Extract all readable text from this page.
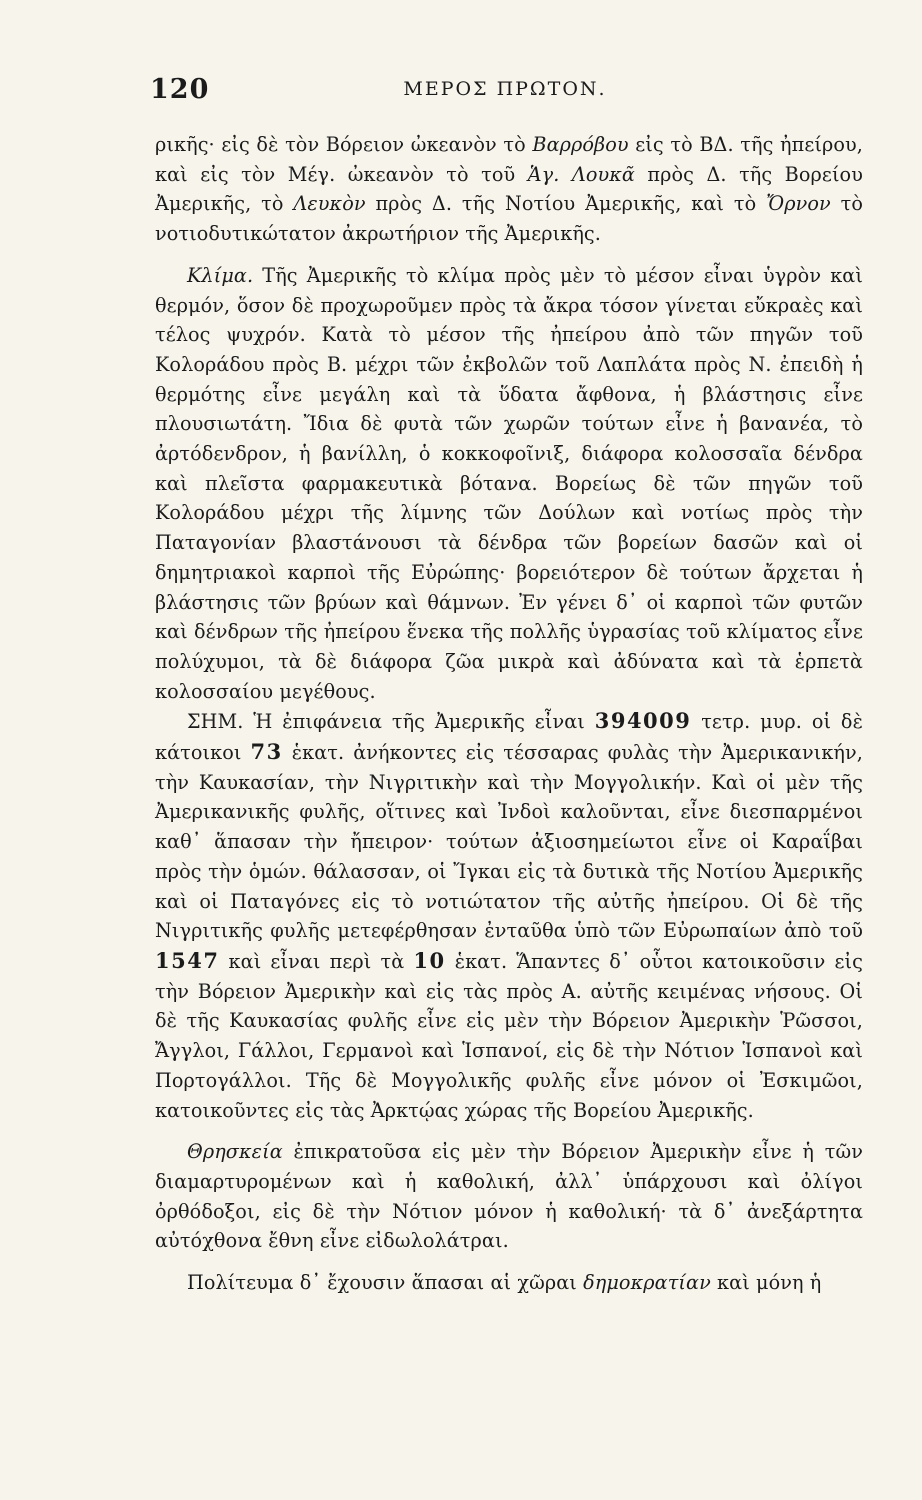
120	ΜΕΡΟΣ ΠΡΩΤΟΝ.

ρικῆς· εἰς δὲ τὸν Βόρειον ὠκεανὸν τὸ Βαρρόβου εἰς τὸ ΒΔ. τῆς ἠπείρου, καὶ εἰς τὸν Μέγ. ὠκεανὸν τὸ τοῦ Ἁγ. Λουκᾶ πρὸς Δ. τῆς Βορείου Ἀμερικῆς, τὸ Λευκὸν πρὸς Δ. τῆς Νοτίου Ἀμερικῆς, καὶ τὸ Ὄρνον τὸ νοτιοδυτικώτατον ἀκρωτήριον τῆς Ἀμερικῆς.

Κλίμα. Τῆς Ἀμερικῆς τὸ κλίμα πρὸς μὲν τὸ μέσον εἶναι ὑγρὸν καὶ θερμόν, ὅσον δὲ προχωροῦμεν πρὸς τὰ ἄκρα τόσον γίνεται εὔκραὲς καὶ τέλος ψυχρόν. Κατὰ τὸ μέσον τῆς ἠπείρου ἀπὸ τῶν πηγῶν τοῦ Κολοράδου πρὸς Β. μέχρι τῶν ἐκβολῶν τοῦ Λαπλάτα πρὸς Ν. ἐπειδὴ ἡ θερμότης εἶνε μεγάλη καὶ τὰ ὕδατα ἄφθονα, ἡ βλάστησις εἶνε πλουσιωτάτη. Ἴδια δὲ φυτὰ τῶν χωρῶν τούτων εἶνε ἡ βανανέα, τὸ ἀρτόδενδρον, ἡ βανίλλη, ὁ κοκκοφοῖνιξ, διάφορα κολοσσαῖα δένδρα καὶ πλεῖστα φαρμακευτικὰ βότανα. Βορείως δὲ τῶν πηγῶν τοῦ Κολοράδου μέχρι τῆς λίμνης τῶν Δούλων καὶ νοτίως πρὸς τὴν Παταγονίαν βλαστάνουσι τὰ δένδρα τῶν βορείων δασῶν καὶ οἱ δημητριακοὶ καρποὶ τῆς Εὐρώπης· βορειότερον δὲ τούτων ἄρχεται ἡ βλάστησις τῶν βρύων καὶ θάμνων. Ἐν γένει δ᾽ οἱ καρποὶ τῶν φυτῶν καὶ δένδρων τῆς ἠπείρου ἕνεκα τῆς πολλῆς ὑγρασίας τοῦ κλίματος εἶνε πολύχυμοι, τὰ δὲ διάφορα ζῶα μικρὰ καὶ ἀδύνατα καὶ τὰ ἑρπετὰ κολοσσαίου μεγέθους.

ΣΗΜ. Ἡ ἐπιφάνεια τῆς Ἀμερικῆς εἶναι 394009 τετρ. μυρ. οἱ δὲ κάτοικοι 73 ἑκατ. ἀνήκοντες εἰς τέσσαρας φυλὰς τὴν Ἀμερικανικήν, τὴν Καυκασίαν, τὴν Νιγριτικὴν καὶ τὴν Μογγολικήν. Καὶ οἱ μὲν τῆς Ἀμερικανικῆς φυλῆς, οἵτινες καὶ Ἰνδοὶ καλοῦνται, εἶνε διεσπαρμένοι καθ᾽ ἅπασαν τὴν ἤπειρον· τούτων ἀξιοσημείωτοι εἶνε οἱ Καραΐβαι πρὸς τὴν ὁμών. θάλασσαν, οἱ Ἴγκαι εἰς τὰ δυτικὰ τῆς Νοτίου Ἀμερικῆς καὶ οἱ Παταγόνες εἰς τὸ νοτιώτατον τῆς αὐτῆς ἠπείρου. Οἱ δὲ τῆς Νιγριτικῆς φυλῆς μετεφέρθησαν ἐνταῦθα ὑπὸ τῶν Εὐρωπαίων ἀπὸ τοῦ 1547 καὶ εἶναι περὶ τὰ 10 ἑκατ. Ἅπαντες δ᾽ οὗτοι κατοικοῦσιν εἰς τὴν Βόρειον Ἀμερικὴν καὶ εἰς τὰς πρὸς Α. αὐτῆς κειμένας νήσους. Οἱ δὲ τῆς Καυκασίας φυλῆς εἶνε εἰς μὲν τὴν Βόρειον Ἀμερικὴν Ῥῶσσοι, Ἄγγλοι, Γάλλοι, Γερμανοὶ καὶ Ἱσπανοί, εἰς δὲ τὴν Νότιον Ἱσπανοὶ καὶ Πορτογάλλοι. Τῆς δὲ Μογγολικῆς φυλῆς εἶνε μόνον οἱ Ἐσκιμῶοι, κατοικοῦντες εἰς τὰς Ἀρκτῴας χώρας τῆς Βορείου Ἀμερικῆς.

Θρησκεία ἐπικρατοῦσα εἰς μὲν τὴν Βόρειον Ἀμερικὴν εἶνε ἡ τῶν διαμαρτυρομένων καὶ ἡ καθολική, ἀλλ᾽ ὑπάρχουσι καὶ ὀλίγοι ὀρθόδοξοι, εἰς δὲ τὴν Νότιον μόνον ἡ καθολική· τὰ δ᾽ ἀνεξάρτητα αὐτόχθονα ἔθνη εἶνε εἰδωλολάτραι.

Πολίτευμα δ᾽ ἔχουσιν ἅπασαι αἱ χῶραι δημοκρατίαν καὶ μόνη ἡ
